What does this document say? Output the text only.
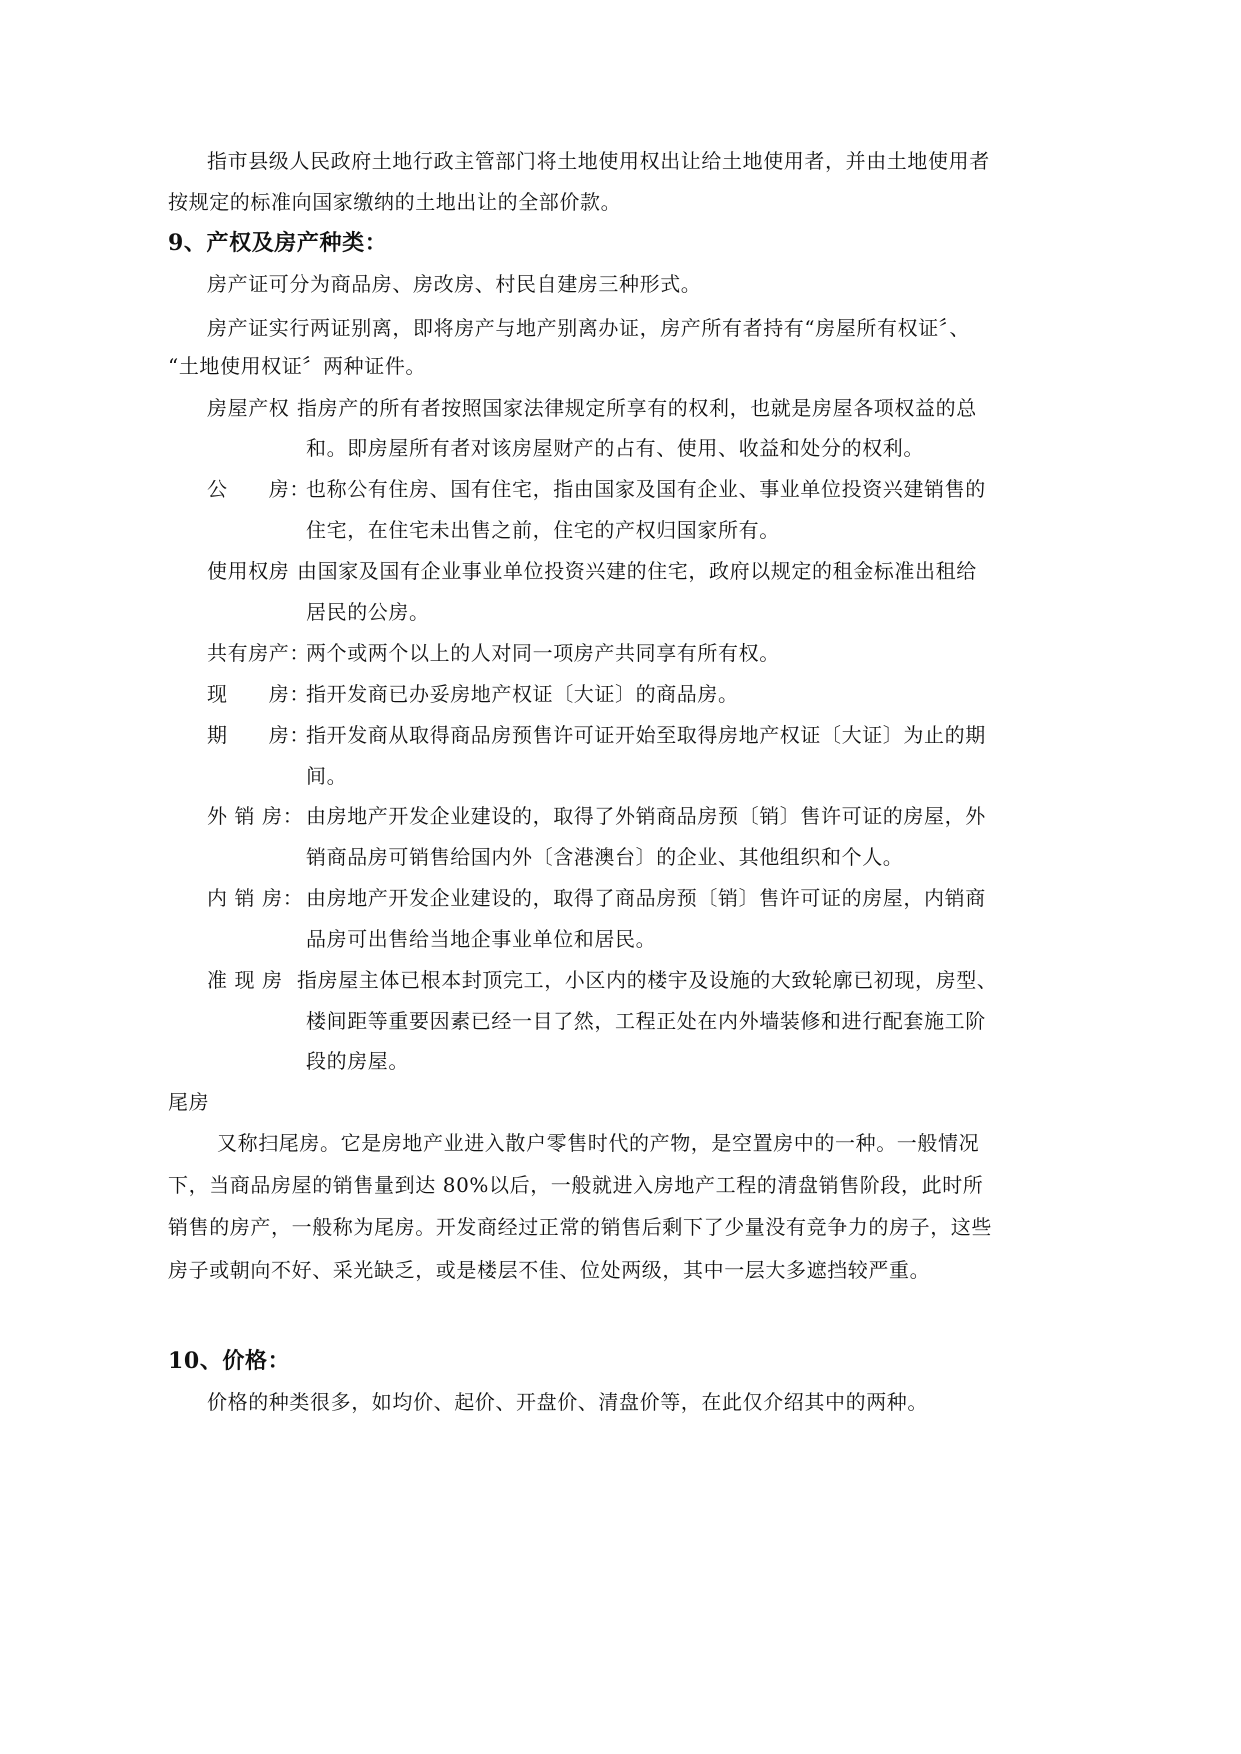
指市县级人民政府土地行政主管部门将土地使用权出让给土地使用者，并由土地使用者
按规定的标准向国家缴纳的土地出让的全部价款。
9、产权及房产种类：
房产证可分为商品房、房改房、村民自建房三种形式。
房产证实行两证别离，即将房产与地产别离办证，房产所有者持有“房屋所有权证〞、
“土地使用权证〞两种证件。
房屋产权 指房产的所有者按照国家法律规定所享有的权利，也就是房屋各项权益的总
和。即房屋所有者对该房屋财产的占有、使用、收益和处分的权利。
公　　房：
也称公有住房、国有住宅，指由国家及国有企业、事业单位投资兴建销售的
住宅，在住宅未出售之前，住宅的产权归国家所有。
使用权房 由国家及国有企业事业单位投资兴建的住宅，政府以规定的租金标准出租给
居民的公房。
共有房产：
两个或两个以上的人对同一项房产共同享有所有权。
现　　房：
指开发商已办妥房地产权证〔大证〕的商品房。
期　　房：
指开发商从取得商品房预售许可证开始至取得房地产权证〔大证〕为止的期
间。
外 销 房： 由房地产开发企业建设的，取得了外销商品房预〔销〕售许可证的房屋，外
销商品房可销售给国内外〔含港澳台〕的企业、其他组织和个人。
内 销 房： 由房地产开发企业建设的，取得了商品房预〔销〕售许可证的房屋，内销商
品房可出售给当地企事业单位和居民。
准 现 房 指房屋主体已根本封顶完工，小区内的楼宇及设施的大致轮廓已初现，房型、
楼间距等重要因素已经一目了然，工程正处在内外墙装修和进行配套施工阶
段的房屋。
尾房
又称扫尾房。它是房地产业进入散户零售时代的产物，是空置房中的一种。一般情况
下，当商品房屋的销售量到达 80%以后，一般就进入房地产工程的清盘销售阶段，此时所
销售的房产，一般称为尾房。开发商经过正常的销售后剩下了少量没有竞争力的房子，这些
房子或朝向不好、采光缺乏，或是楼层不佳、位处两级，其中一层大多遮挡较严重。
10、价格：
价格的种类很多，如均价、起价、开盘价、清盘价等，在此仅介绍其中的两种。
